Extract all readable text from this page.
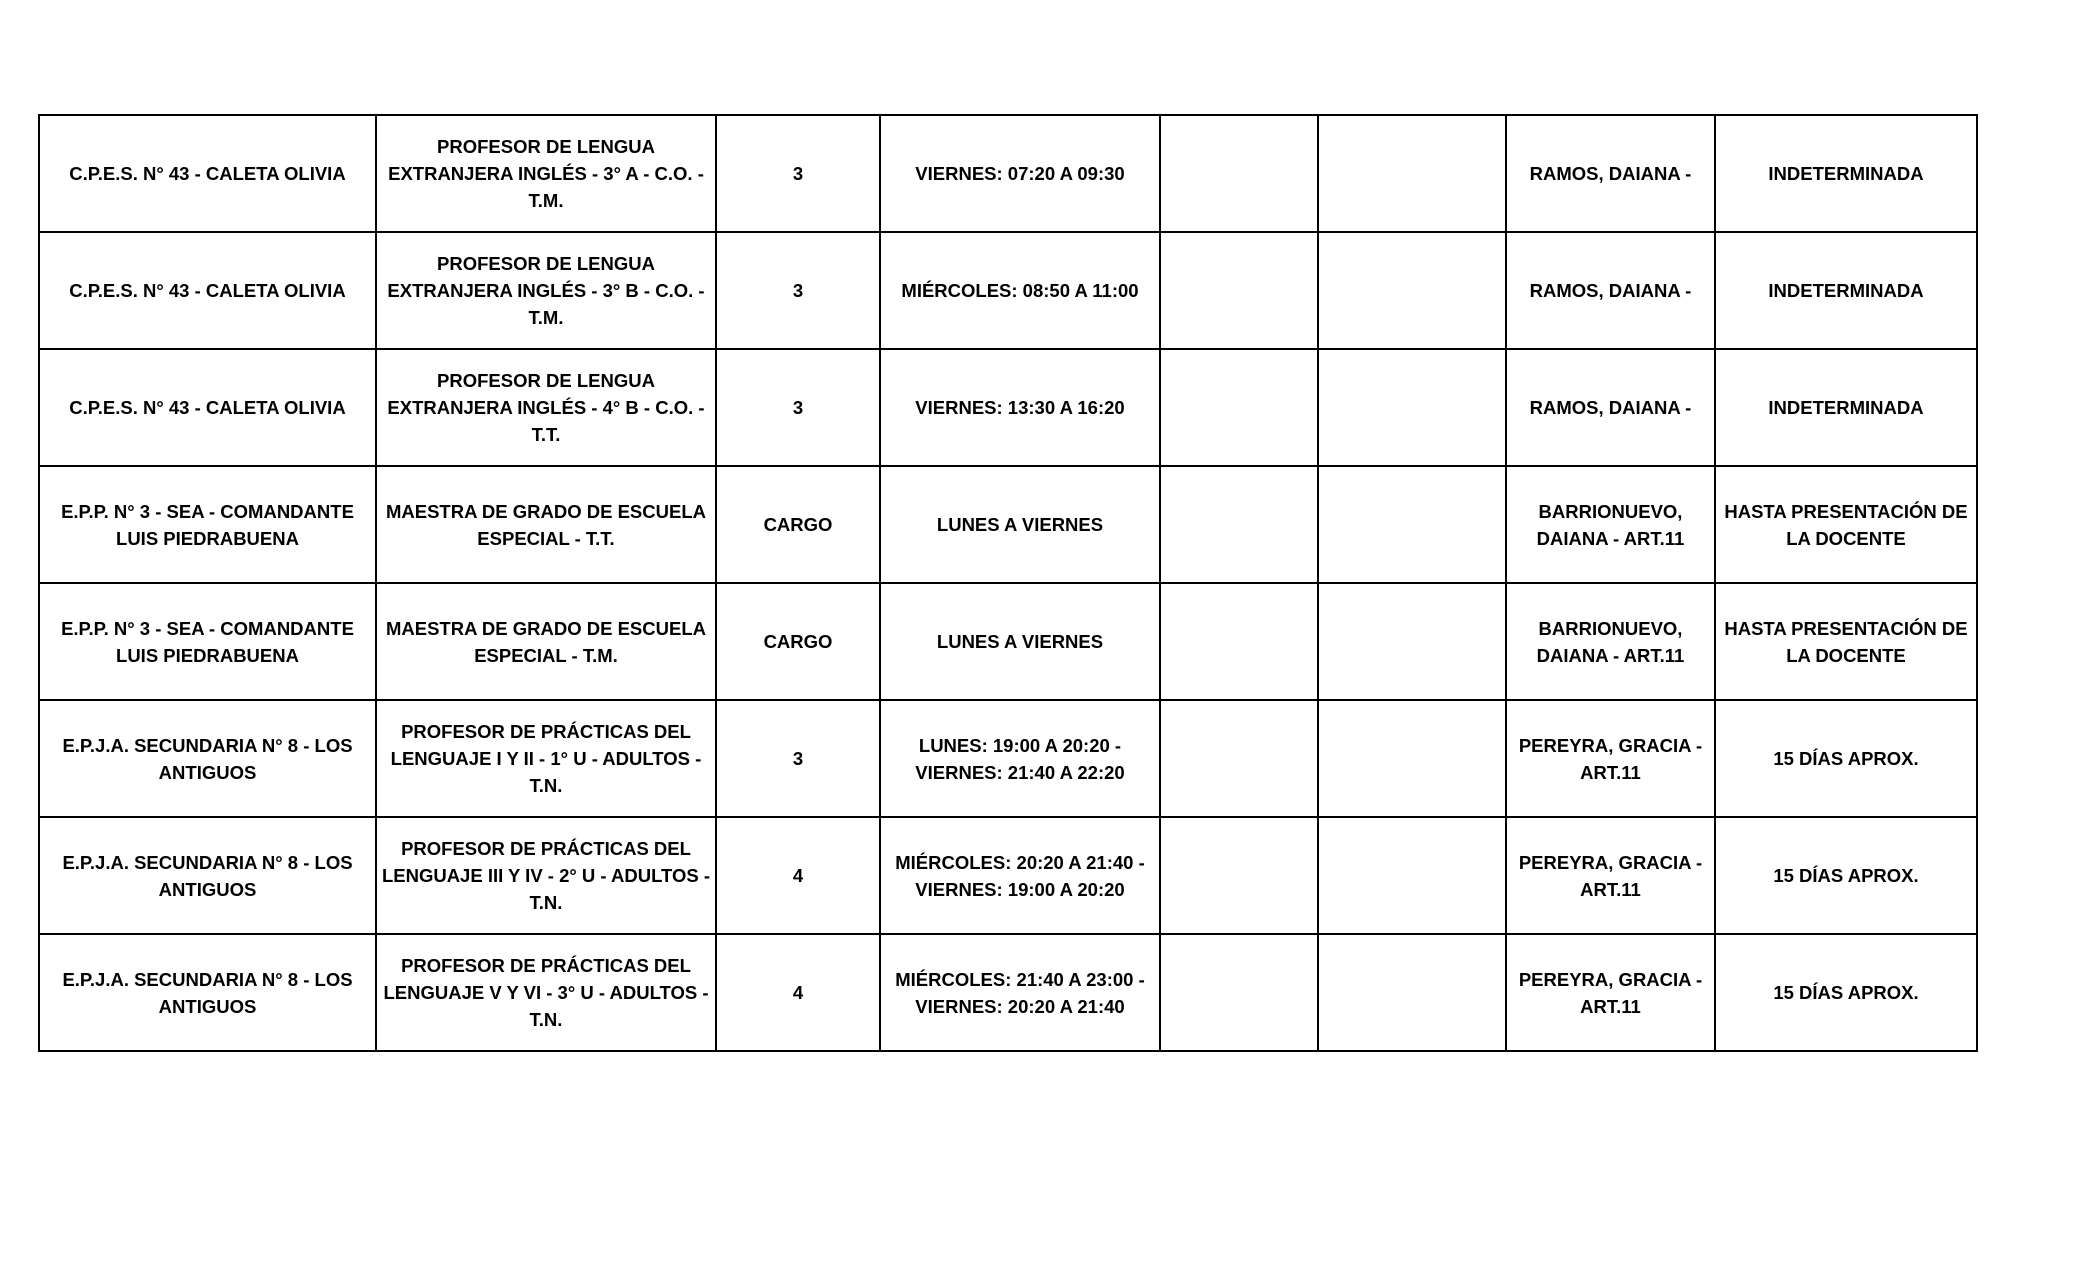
C.P.E.S. N° 43 - CALETA OLIVIA	PROFESOR DE LENGUA EXTRANJERA INGLÉS - 3° A - C.O. - T.M.	3	VIERNES: 07:20 A 09:30			RAMOS, DAIANA -	INDETERMINADA
C.P.E.S. N° 43 - CALETA OLIVIA	PROFESOR DE LENGUA EXTRANJERA INGLÉS - 3° B - C.O. - T.M.	3	MIÉRCOLES: 08:50 A 11:00			RAMOS, DAIANA -	INDETERMINADA
C.P.E.S. N° 43 - CALETA OLIVIA	PROFESOR DE LENGUA EXTRANJERA INGLÉS - 4° B - C.O. - T.T.	3	VIERNES: 13:30 A 16:20			RAMOS, DAIANA -	INDETERMINADA
E.P.P. N° 3 - SEA - COMANDANTE LUIS PIEDRABUENA	MAESTRA DE GRADO DE ESCUELA ESPECIAL - T.T.	CARGO	LUNES A VIERNES			BARRIONUEVO, DAIANA - ART.11	HASTA PRESENTACIÓN DE LA DOCENTE
E.P.P. N° 3 - SEA - COMANDANTE LUIS PIEDRABUENA	MAESTRA DE GRADO DE ESCUELA ESPECIAL - T.M.	CARGO	LUNES A VIERNES			BARRIONUEVO, DAIANA - ART.11	HASTA PRESENTACIÓN DE LA DOCENTE
E.P.J.A. SECUNDARIA N° 8 - LOS ANTIGUOS	PROFESOR DE PRÁCTICAS DEL LENGUAJE I Y II - 1° U - ADULTOS - T.N.	3	LUNES: 19:00 A 20:20 - VIERNES: 21:40 A 22:20			PEREYRA, GRACIA - ART.11	15 DÍAS APROX.
E.P.J.A. SECUNDARIA N° 8 - LOS ANTIGUOS	PROFESOR DE PRÁCTICAS DEL LENGUAJE III Y IV - 2° U - ADULTOS - T.N.	4	MIÉRCOLES: 20:20 A 21:40 - VIERNES: 19:00 A 20:20			PEREYRA, GRACIA - ART.11	15 DÍAS APROX.
E.P.J.A. SECUNDARIA N° 8 - LOS ANTIGUOS	PROFESOR DE PRÁCTICAS DEL LENGUAJE V Y VI - 3° U - ADULTOS - T.N.	4	MIÉRCOLES: 21:40 A 23:00 - VIERNES: 20:20 A 21:40			PEREYRA, GRACIA - ART.11	15 DÍAS APROX.
